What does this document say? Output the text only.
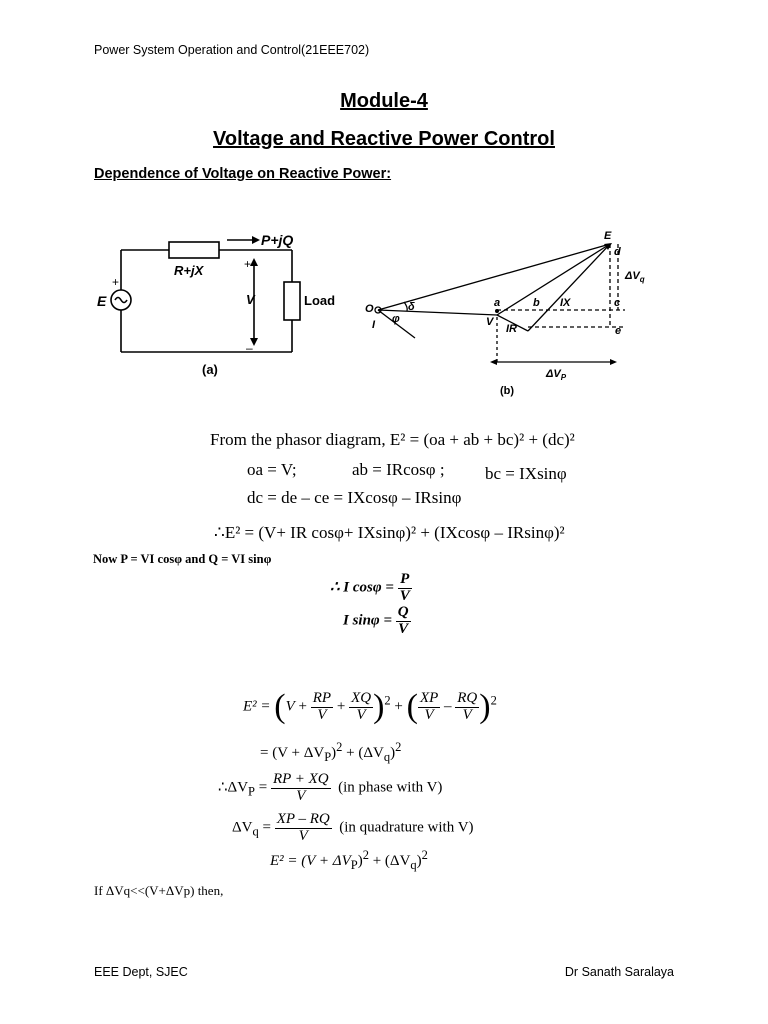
Power System Operation and Control(21EEE702)
Module-4
Voltage and Reactive Power Control
Dependence of Voltage on Reactive Power:
P+jQ
R+jX
E
+
+
–
V	Load
(a)
O
I φ
δ
V
a	b IX
IR
c
d
e
E
$\Delta V_q$
$\Delta V_P$
(b)
From the phasor diagram, E² = (oa + ab + bc)² + (dc)²
oa = V;	ab = IRcosφ ; bc = IXsinφ
dc = de – ce = IXcosφ – IRsinφ
∴E² = (V+ IR cosφ+ IXsinφ)² + (IXcosφ – IRsinφ)²
Now P = VI cosφ and Q = VI sinφ
∴ I $\cos\varphi = \frac{P}{V}$
I $\sin\varphi = \frac{Q}{V}$
$E^2 = (V + \frac{RP}{V} + \frac{XQ}{V} )^2$ + ( $\frac{XP}{V} - \frac{RQ}{V} )^2$
= $(V + \Delta V_P)^2 + (\Delta V_q)^2$
$\therefore\Delta V_P = \frac{RP + XQ}{V} (in$ phase with V)
$\Delta V_q = \frac{XP - RQ}{V} (in$ quadrature with V)
$E^2 = (V + \Delta V_P)^2 + (\Delta V_q)^2$
If ΔVq<<(V+ΔVp) then,
EEE Dept, SJEC	Dr Sanath Saralaya
